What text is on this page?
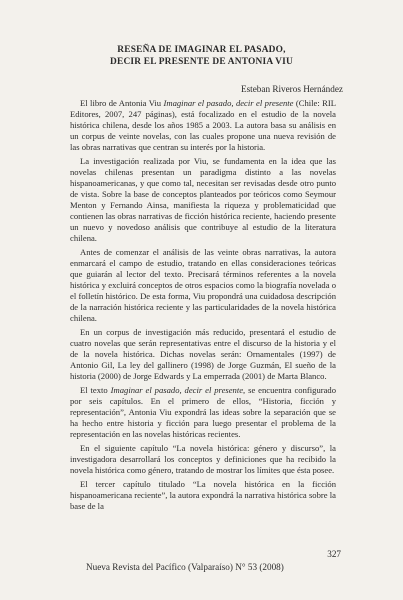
RESEÑA DE IMAGINAR EL PASADO,
DECIR EL PRESENTE DE ANTONIA VIU
Esteban Riveros Hernández

El libro de Antonia Viu Imaginar el pasado, decir el presente (Chile: RIL Editores, 2007, 247 páginas), está focalizado en el estudio de la novela histórica chilena, desde los años 1985 a 2003. La autora basa su análisis en un corpus de veinte novelas, con las cuales propone una nueva revisión de las obras narrativas que centran su interés por la historia.

La investigación realizada por Viu, se fundamenta en la idea que las novelas chilenas presentan un paradigma distinto a las novelas hispanoamericanas, y que como tal, necesitan ser revisadas desde otro punto de vista. Sobre la base de conceptos planteados por teóricos como Seymour Menton y Fernando Ainsa, manifiesta la riqueza y problematicidad que contienen las obras narrativas de ficción histórica reciente, haciendo presente un nuevo y novedoso análisis que contribuye al estudio de la literatura chilena.

Antes de comenzar el análisis de las veinte obras narrativas, la autora enmarcará el campo de estudio, tratando en ellas consideraciones teóricas que guiarán al lector del texto. Precisará términos referentes a la novela histórica y excluirá conceptos de otros espacios como la biografía novelada o el folletín histórico. De esta forma, Viu propondrá una cuidadosa descripción de la narración histórica reciente y las particularidades de la novela histórica chilena.

En un corpus de investigación más reducido, presentará el estudio de cuatro novelas que serán representativas entre el discurso de la historia y el de la novela histórica. Dichas novelas serán: Ornamentales (1997) de Antonio Gil, La ley del gallinero (1998) de Jorge Guzmán, El sueño de la historia (2000) de Jorge Edwards y La emperrada (2001) de Marta Blanco.

El texto Imaginar el pasado, decir el presente, se encuentra configurado por seis capítulos. En el primero de ellos, “Historia, ficción y representación”, Antonia Viu expondrá las ideas sobre la separación que se ha hecho entre historia y ficción para luego presentar el problema de la representación en las novelas históricas recientes.

En el siguiente capítulo “La novela histórica: género y discurso”, la investigadora desarrollará los conceptos y definiciones que ha recibido la novela histórica como género, tratando de mostrar los límites que ésta posee.

El tercer capítulo titulado “La novela histórica en la ficción hispanoamericana reciente”, la autora expondrá la narrativa histórica sobre la base de la

327
Nueva Revista del Pacífico (Valparaíso) N° 53 (2008)
